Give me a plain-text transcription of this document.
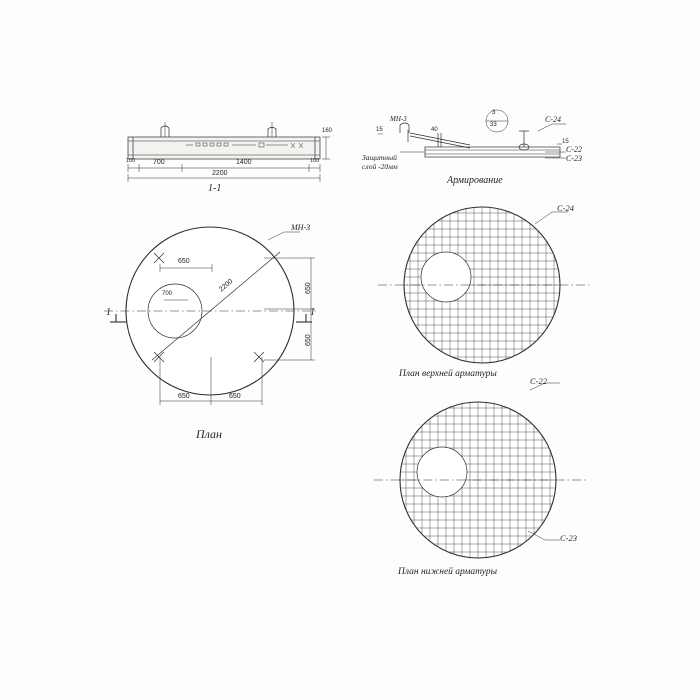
100	700	1400
2200
100
160
1-1
МН-3
15	40
15
3
33
С-24
С-22
С-23
Защитный
слой -20мм
Армирование
МН-3
650
700
2200	650
650
650	650
1	1
План
С-24
План верхней арматуры
С-22
С-23
План нижней арматуры
